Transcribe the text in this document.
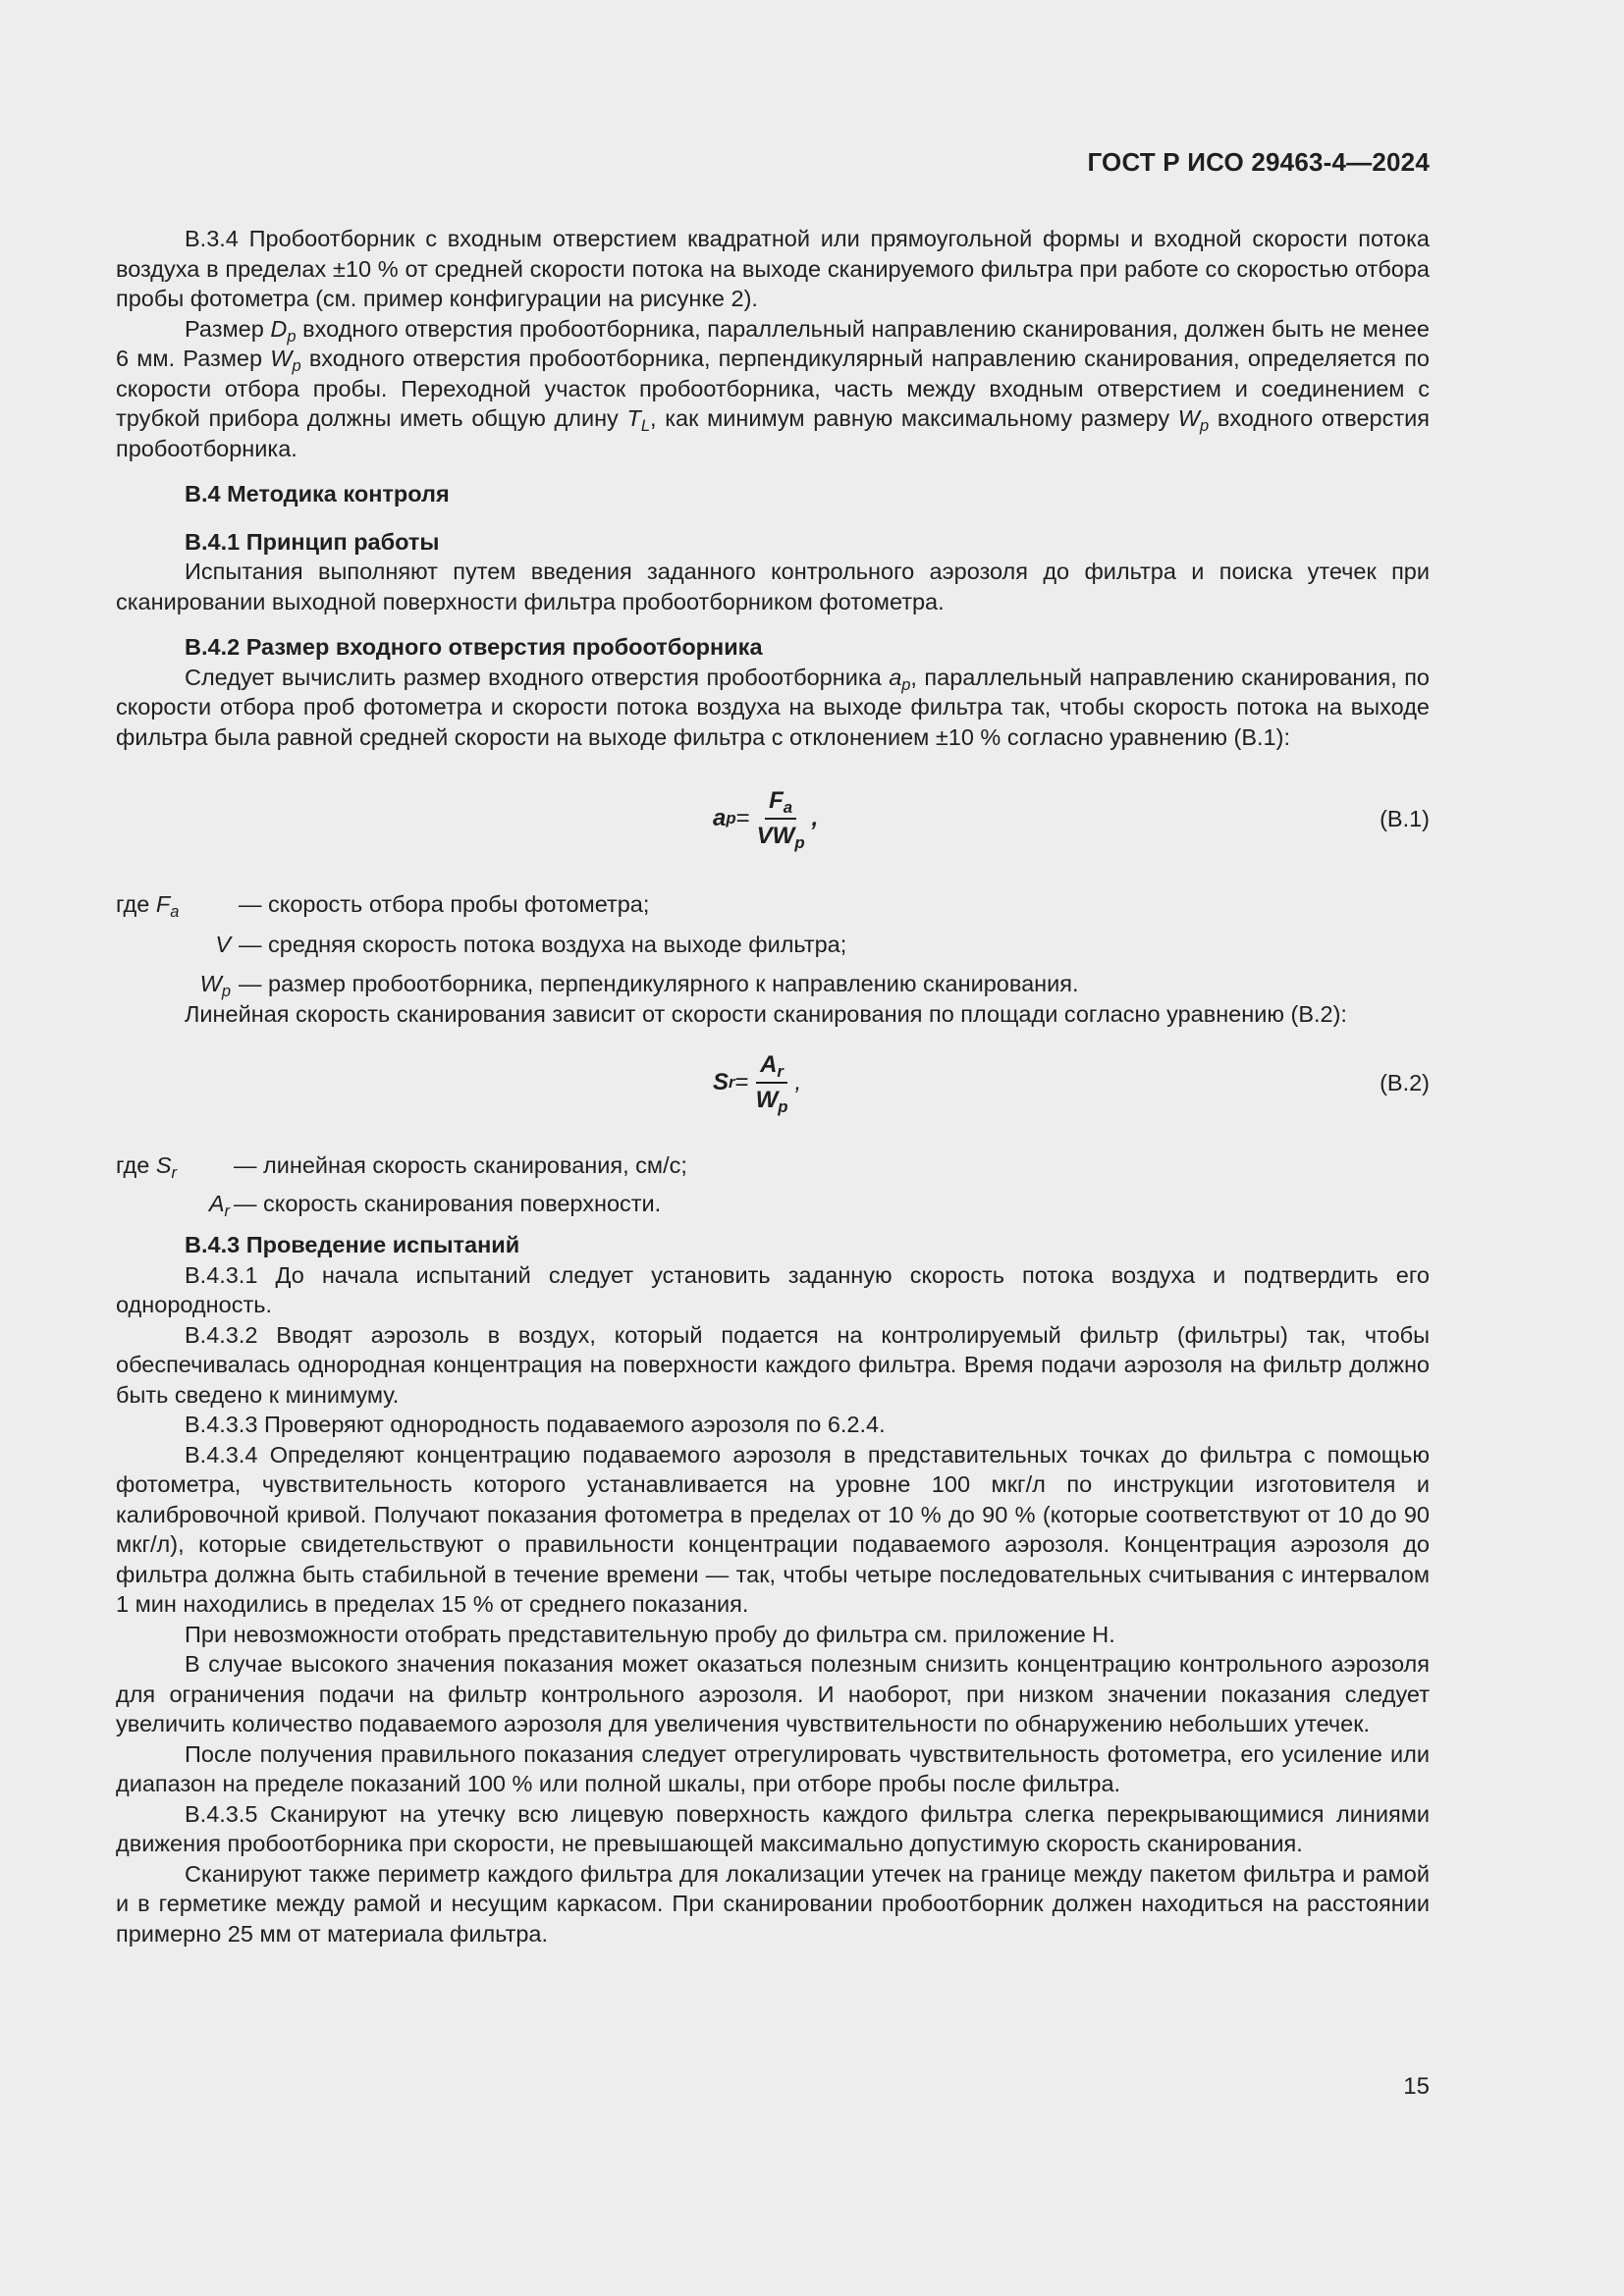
ГОСТ Р ИСО 29463-4—2024

B.3.4 Пробоотборник с входным отверстием квадратной или прямоугольной формы и входной скорости потока воздуха в пределах ±10 % от средней скорости потока на выходе сканируемого фильтра при работе со скоростью отбора пробы фотометра (см. пример конфигурации на рисунке 2).

Размер $D_p$ входного отверстия пробоотборника, параллельный направлению сканирования, должен быть не менее 6 мм. Размер $W_p$ входного отверстия пробоотборника, перпендикулярный направлению сканирования, определяется по скорости отбора пробы. Переходной участок пробоотборника, часть между входным отверстием и соединением с трубкой прибора должны иметь общую длину $T_L$, как минимум равную максимальному размеру $W_p$ входного отверстия пробоотборника.

B.4 Методика контроля
B.4.1 Принцип работы

Испытания выполняют путем введения заданного контрольного аэрозоля до фильтра и поиска утечек при сканировании выходной поверхности фильтра пробоотборником фотометра.

B.4.2 Размер входного отверстия пробоотборника

Следует вычислить размер входного отверстия пробоотборника $a_p$, параллельный направлению сканирования, по скорости отбора проб фотометра и скорости потока воздуха на выходе фильтра так, чтобы скорость потока на выходе фильтра была равной средней скорости на выходе фильтра с отклонением ±10 % согласно уравнению (B.1):

a $p = \frac{F_a}{VW_p}$ ,	(B.1)
где $F_a$	— скорость отбора пробы фотометра;
V — средняя скорость потока воздуха на выходе фильтра;
$W_p$ — размер пробоотборника, перпендикулярного к направлению сканирования.

Линейная скорость сканирования зависит от скорости сканирования по площади согласно уравнению (B.2):

S $r = \frac{A_r}{W_p}$ ,	(B.2)
где $S_r$	— линейная скорость сканирования, см/с;
$A_r$ — скорость сканирования поверхности.
B.4.3 Проведение испытаний

B.4.3.1 До начала испытаний следует установить заданную скорость потока воздуха и подтвердить его однородность.

B.4.3.2 Вводят аэрозоль в воздух, который подается на контролируемый фильтр (фильтры) так, чтобы обеспечивалась однородная концентрация на поверхности каждого фильтра. Время подачи аэрозоля на фильтр должно быть сведено к минимуму.

B.4.3.3 Проверяют однородность подаваемого аэрозоля по 6.2.4.

B.4.3.4 Определяют концентрацию подаваемого аэрозоля в представительных точках до фильтра с помощью фотометра, чувствительность которого устанавливается на уровне 100 мкг/л по инструкции изготовителя и калибровочной кривой. Получают показания фотометра в пределах от 10 % до 90 % (которые соответствуют от 10 до 90 мкг/л), которые свидетельствуют о правильности концентрации подаваемого аэрозоля. Концентрация аэрозоля до фильтра должна быть стабильной в течение времени — так, чтобы четыре последовательных считывания с интервалом 1 мин находились в пределах 15 % от среднего показания.

При невозможности отобрать представительную пробу до фильтра см. приложение H.

В случае высокого значения показания может оказаться полезным снизить концентрацию контрольного аэрозоля для ограничения подачи на фильтр контрольного аэрозоля. И наоборот, при низком значении показания следует увеличить количество подаваемого аэрозоля для увеличения чувствительности по обнаружению небольших утечек.

После получения правильного показания следует отрегулировать чувствительность фотометра, его усиление или диапазон на пределе показаний 100 % или полной шкалы, при отборе пробы после фильтра.

B.4.3.5 Сканируют на утечку всю лицевую поверхность каждого фильтра слегка перекрывающимися линиями движения пробоотборника при скорости, не превышающей максимально допустимую скорость сканирования.

Сканируют также периметр каждого фильтра для локализации утечек на границе между пакетом фильтра и рамой и в герметике между рамой и несущим каркасом. При сканировании пробоотборник должен находиться на расстоянии примерно 25 мм от материала фильтра.

15
